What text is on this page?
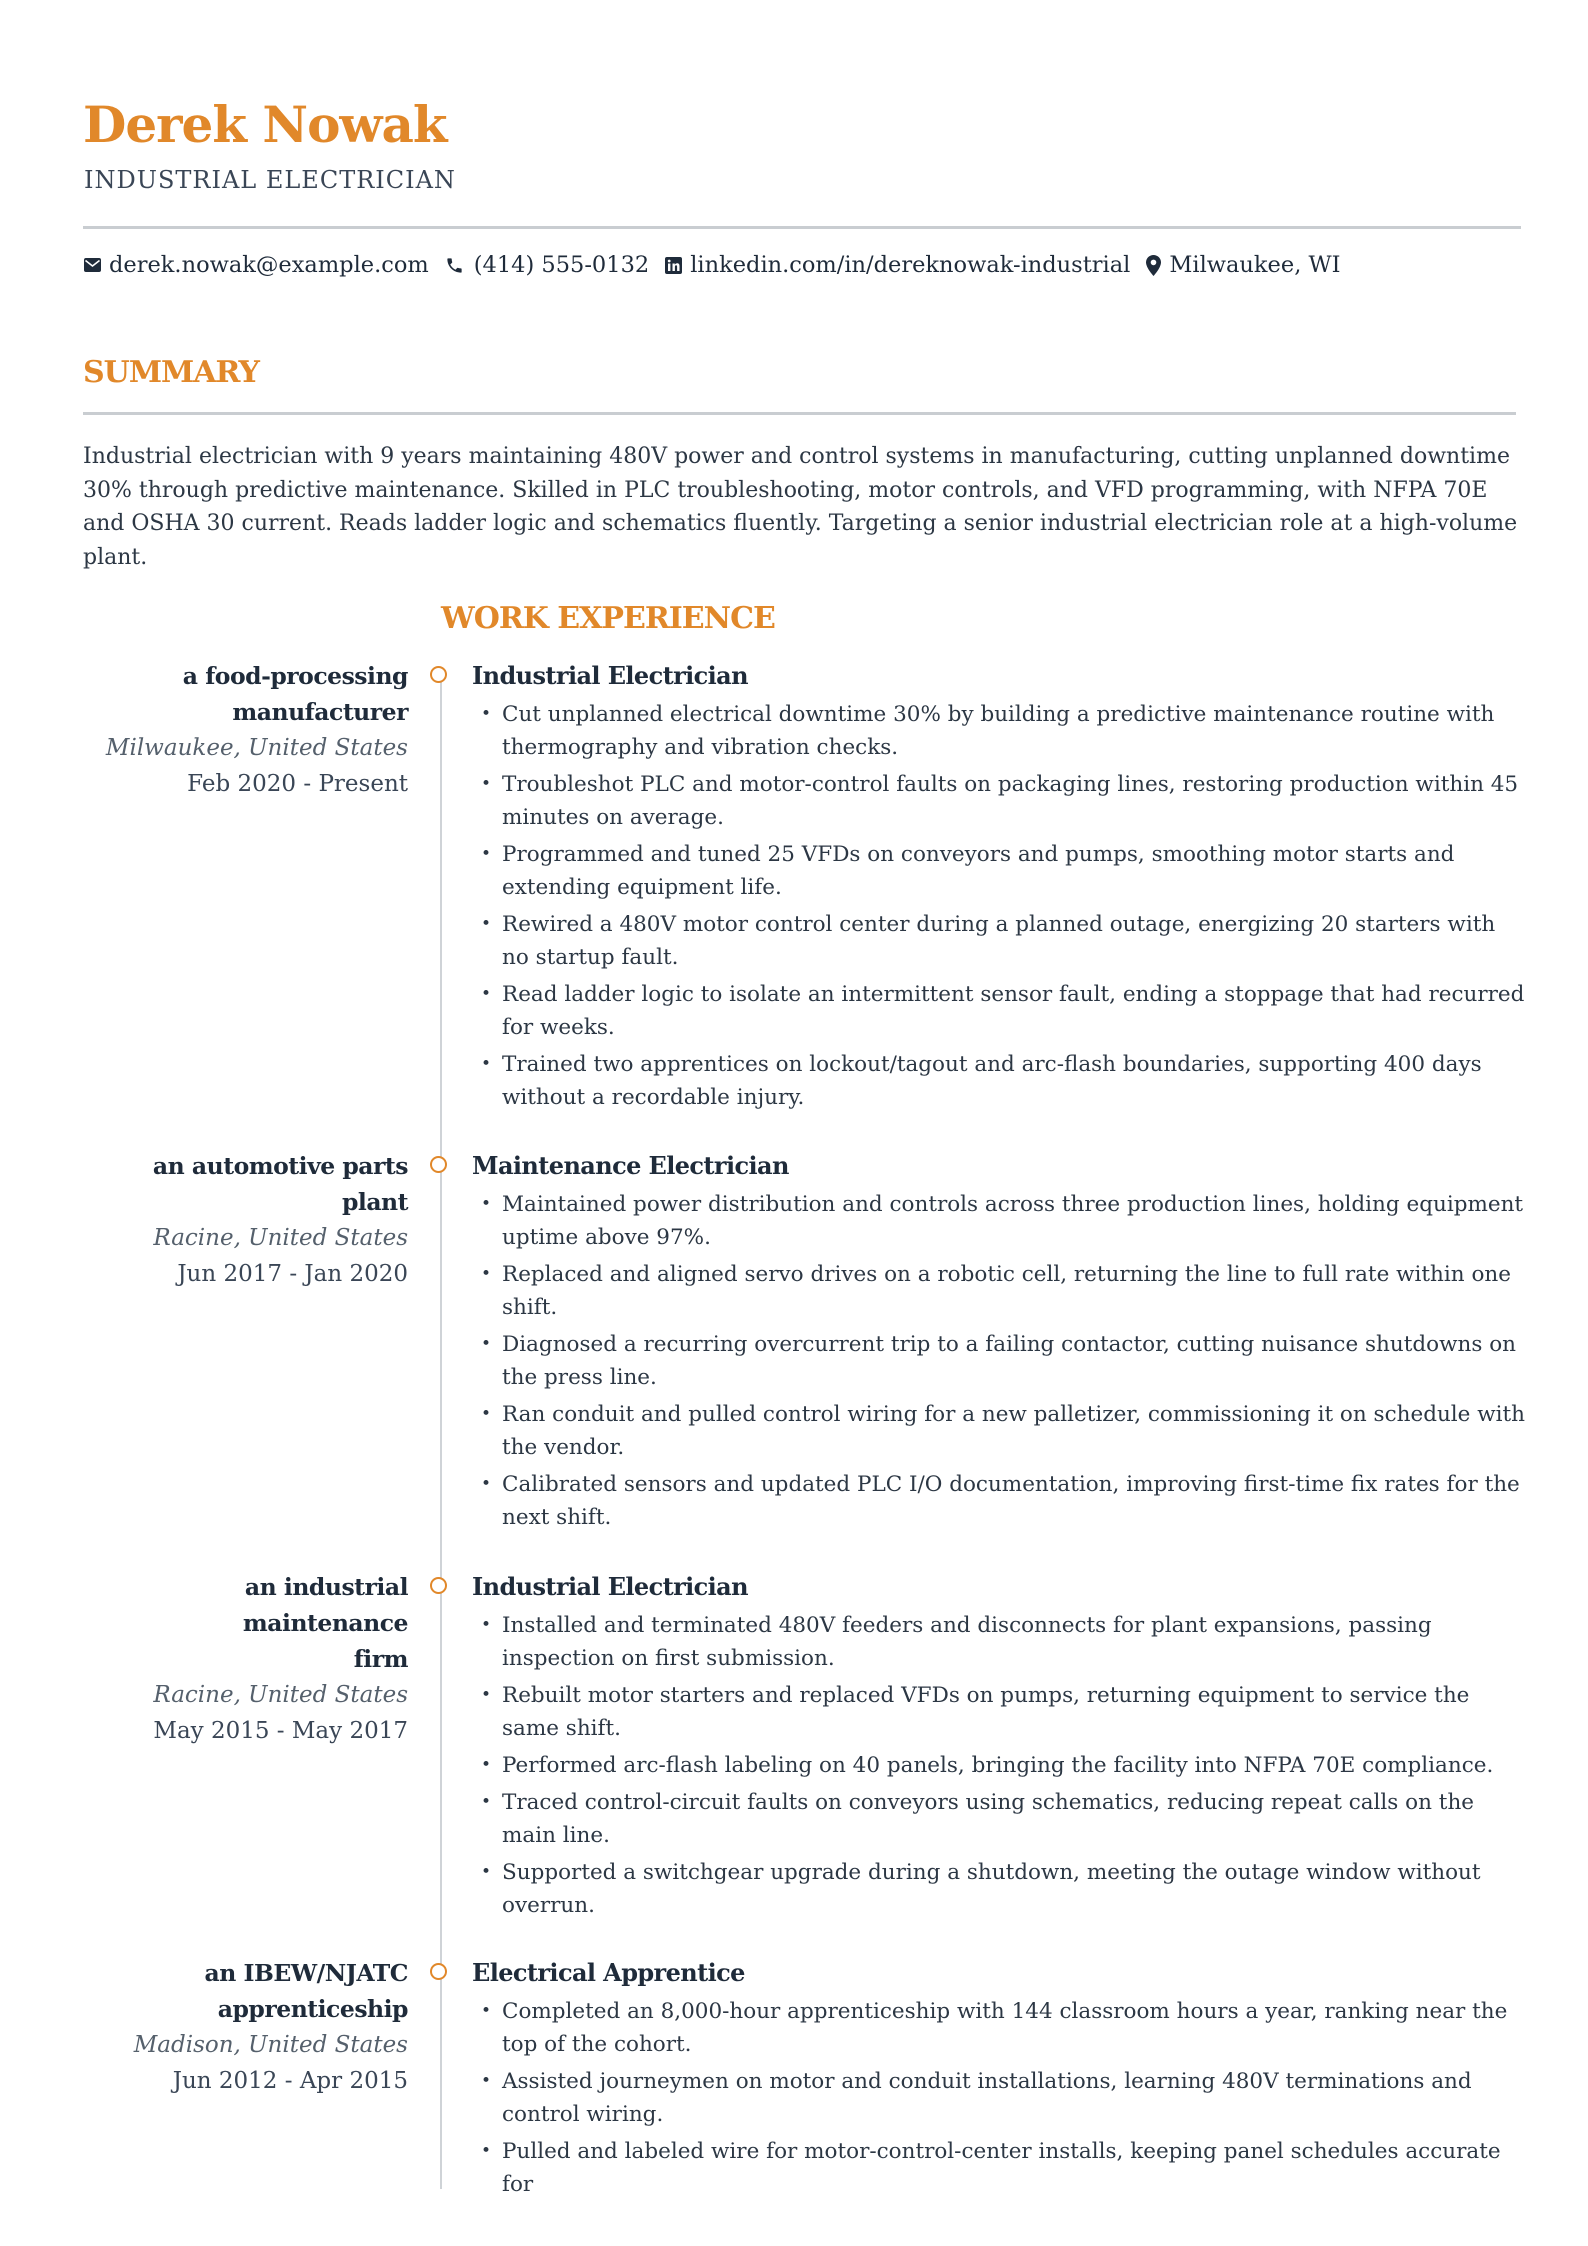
Derek Nowak
INDUSTRIAL ELECTRICIAN
derek.nowak@example.com (414) 555-0132 linkedin.com/in/dereknowak-industrial Milwaukee, WI
SUMMARY

Industrial electrician with 9 years maintaining 480V power and control systems in manufacturing, cutting unplanned downtime 30% through predictive maintenance. Skilled in PLC troubleshooting, motor controls, and VFD programming, with NFPA 70E and OSHA 30 current. Reads ladder logic and schematics fluently. Targeting a senior industrial electrician role at a high-volume plant.

WORK EXPERIENCE
a food-processing
manufacturer
Milwaukee, United States
Feb 2020 - Present
Industrial Electrician
• Cut unplanned electrical downtime 30% by building a predictive maintenance routine with thermography and vibration checks.
• Troubleshot PLC and motor-control faults on packaging lines, restoring production within 45 minutes on average.
• Programmed and tuned 25 VFDs on conveyors and pumps, smoothing motor starts and extending equipment life.
• Rewired a 480V motor control center during a planned outage, energizing 20 starters with no startup fault.
• Read ladder logic to isolate an intermittent sensor fault, ending a stoppage that had recurred for weeks.
• Trained two apprentices on lockout/tagout and arc-flash boundaries, supporting 400 days without a recordable injury.
an automotive parts plant
Racine, United States
Jun 2017 - Jan 2020
Maintenance Electrician
• Maintained power distribution and controls across three production lines, holding equipment uptime above 97%.
• Replaced and aligned servo drives on a robotic cell, returning the line to full rate within one shift.
• Diagnosed a recurring overcurrent trip to a failing contactor, cutting nuisance shutdowns on the press line.
• Ran conduit and pulled control wiring for a new palletizer, commissioning it on schedule with the vendor.
• Calibrated sensors and updated PLC I/O documentation, improving first-time fix rates for the next shift.
an industrial maintenance
firm
Racine, United States
May 2015 - May 2017
Industrial Electrician
• Installed and terminated 480V feeders and disconnects for plant expansions, passing inspection on first submission.
• Rebuilt motor starters and replaced VFDs on pumps, returning equipment to service the same shift.
• Performed arc-flash labeling on 40 panels, bringing the facility into NFPA 70E compliance.
• Traced control-circuit faults on conveyors using schematics, reducing repeat calls on the main line.
• Supported a switchgear upgrade during a shutdown, meeting the outage window without overrun.
an IBEW/NJATC
apprenticeship
Madison, United States
Jun 2012 - Apr 2015
Electrical Apprentice
• Completed an 8,000-hour apprenticeship with 144 classroom hours a year, ranking near the top of the cohort.
• Assisted journeymen on motor and conduit installations, learning 480V terminations and control wiring.
• Pulled and labeled wire for motor-control-center installs, keeping panel schedules accurate for
